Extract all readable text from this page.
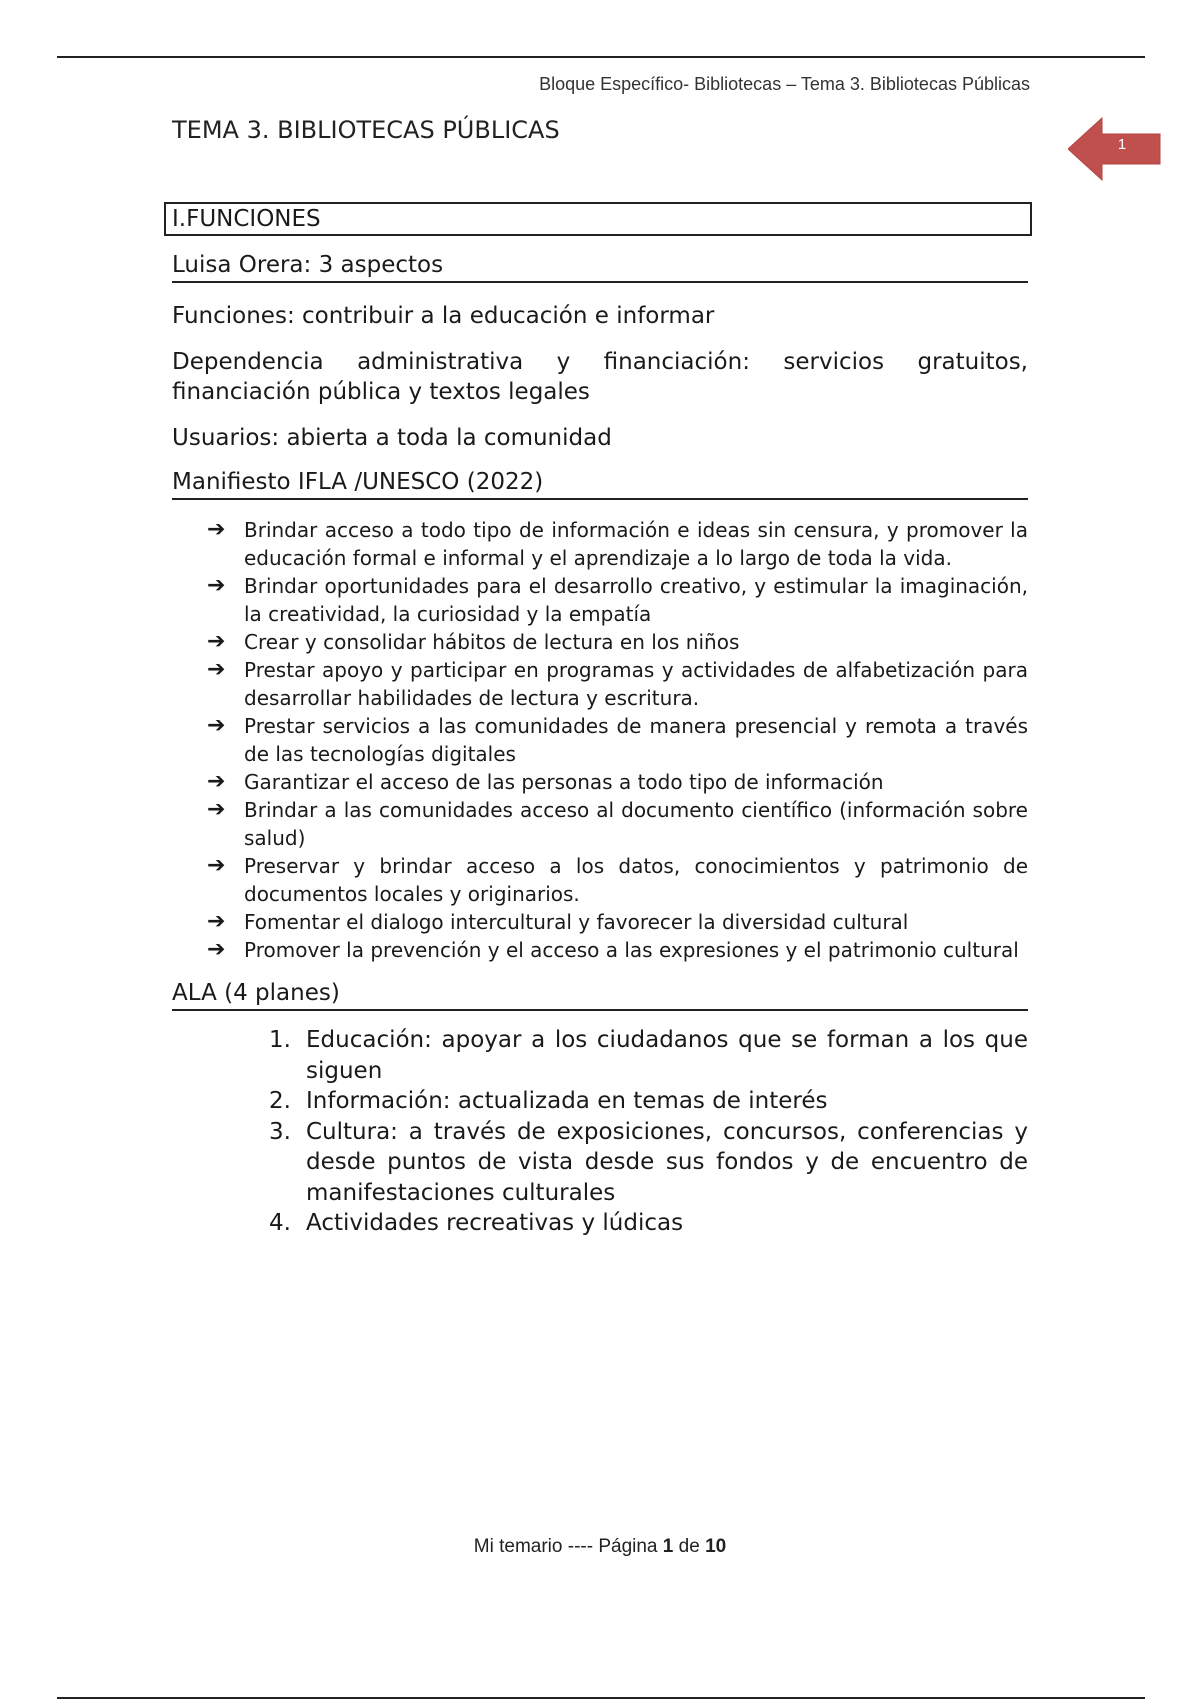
Bloque Específico- Bibliotecas – Tema 3. Bibliotecas Públicas
TEMA 3. BIBLIOTECAS PÚBLICAS
1
I.FUNCIONES
Luisa Orera: 3 aspectos
Funciones: contribuir a la educación e informar
Dependencia administrativa y financiación: servicios gratuitos, financiación pública y textos legales
Usuarios: abierta a toda la comunidad
Manifiesto IFLA /UNESCO (2022)
➔ Brindar acceso a todo tipo de información e ideas sin censura, y promover la educación formal e informal y el aprendizaje a lo largo de toda la vida.
➔ Brindar oportunidades para el desarrollo creativo, y estimular la imaginación, la creatividad, la curiosidad y la empatía
➔ Crear y consolidar hábitos de lectura en los niños
➔ Prestar apoyo y participar en programas y actividades de alfabetización para desarrollar habilidades de lectura y escritura.
➔ Prestar servicios a las comunidades de manera presencial y remota a través de las tecnologías digitales
➔ Garantizar el acceso de las personas a todo tipo de información
➔ Brindar a las comunidades acceso al documento científico (información sobre salud)
➔ Preservar y brindar acceso a los datos, conocimientos y patrimonio de documentos locales y originarios.
➔ Fomentar el dialogo intercultural y favorecer la diversidad cultural
➔ Promover la prevención y el acceso a las expresiones y el patrimonio cultural
ALA (4 planes)
1. Educación: apoyar a los ciudadanos que se forman a los que siguen
2. Información: actualizada en temas de interés
3. Cultura: a través de exposiciones, concursos, conferencias y desde puntos de vista desde sus fondos y de encuentro de manifestaciones culturales
4. Actividades recreativas y lúdicas
Mi temario ---- Página 1 de 10
